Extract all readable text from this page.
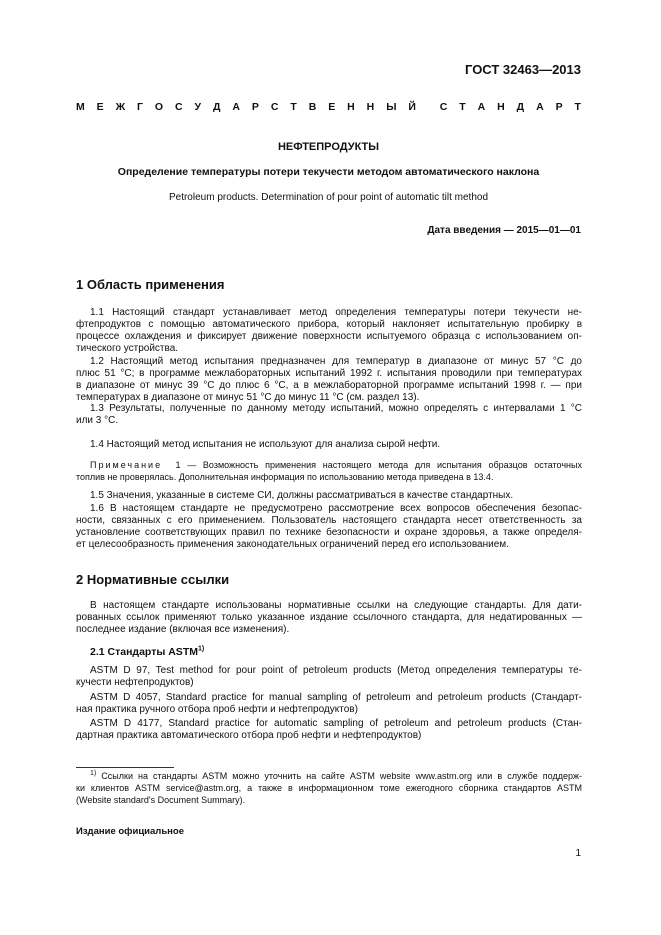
ГОСТ 32463—2013
М Е Ж Г О С У Д А Р С Т В Е Н Н Ы Й С Т А Н Д А Р Т
НЕФТЕПРОДУКТЫ
Определение температуры потери текучести методом автоматического наклона
Petroleum products. Determination of pour point of automatic tilt method
Дата введения — 2015—01—01
1 Область применения
1.1 Настоящий стандарт устанавливает метод определения температуры потери текучести не-
фтепродуктов с помощью автоматического прибора, который наклоняет испытательную пробирку в
процессе охлаждения и фиксирует движение поверхности испытуемого образца с использованием оп-
тического устройства.
1.2 Настоящий метод испытания предназначен для температур в диапазоне от минус 57 °С до
плюс 51 °С; в программе межлабораторных испытаний 1992 г. испытания проводили при температурах
в диапазоне от минус 39 °С до плюс 6 °С, а в межлабораторной программе испытаний 1998 г. — при
температурах в диапазоне от минус 51 °С до минус 11 °С (см. раздел 13).
1.3 Результаты, полученные по данному методу испытаний, можно определять с интервалами 1 °С
или 3 °С.
1.4 Настоящий метод испытания не используют для анализа сырой нефти.
Примечание 1 — Возможность применения настоящего метода для испытания образцов остаточных
топлив не проверялась. Дополнительная информация по использованию метода приведена в 13.4.
1.5 Значения, указанные в системе СИ, должны рассматриваться в качестве стандартных.
1.6 В настоящем стандарте не предусмотрено рассмотрение всех вопросов обеспечения безопас-
ности, связанных с его применением. Пользователь настоящего стандарта несет ответственность за
установление соответствующих правил по технике безопасности и охране здоровья, а также определя-
ет целесообразность применения законодательных ограничений перед его использованием.
2 Нормативные ссылки
В настоящем стандарте использованы нормативные ссылки на следующие стандарты. Для дати-
рованных ссылок применяют только указанное издание ссылочного стандарта, для недатированных —
последнее издание (включая все изменения).
2.1 Стандарты ASTM$^{1)}$
ASTM D 97, Test method for pour point of petroleum products (Метод определения температуры те-
кучести нефтепродуктов)
ASTM D 4057, Standard practice for manual sampling of petroleum and petroleum products (Стандарт-
ная практика ручного отбора проб нефти и нефтепродуктов)
ASTM D 4177, Standard practice for automatic sampling of petroleum and petroleum products (Стан-
дартная практика автоматического отбора проб нефти и нефтепродуктов)
$^{1)}$ Ссылки на стандарты ASTM можно уточнить на сайте ASTM website www.astm.org или в службе поддерж-
ки клиентов ASTM service@astm.org, а также в информационном томе ежегодного сборника стандартов ASTM
(Website standard's Document Summary).
Издание официальное
1
